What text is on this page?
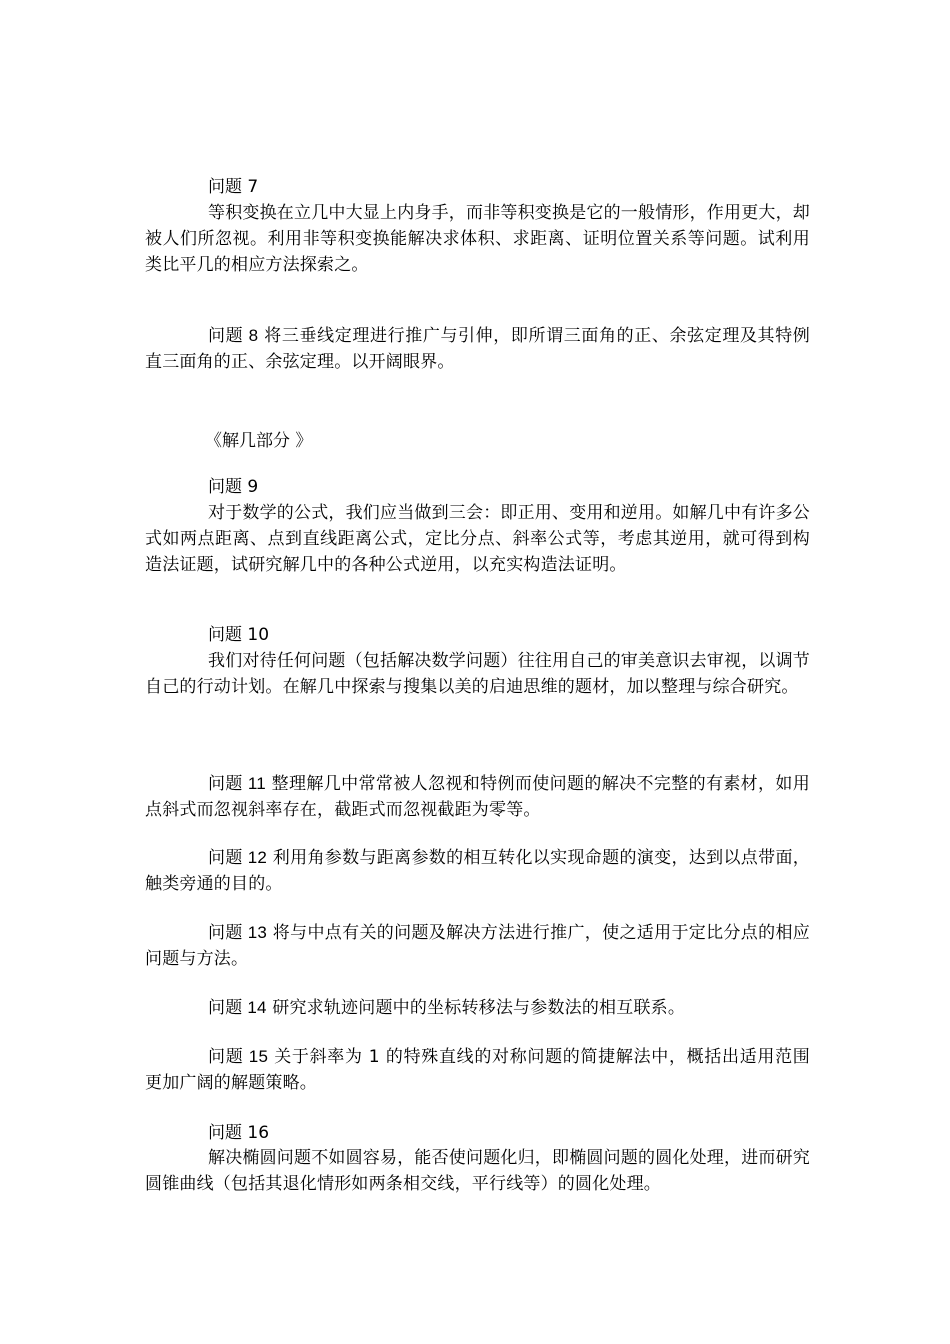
问题 7

等积变换在立几中大显上内身手，而非等积变换是它的一般情形，作用更大，却被人们所忽视。利用非等积变换能解决求体积、求距离、证明位置关系等问题。试利用类比平几的相应方法探索之。

问题 8 将三垂线定理进行推广与引伸，即所谓三面角的正、余弦定理及其特例直三面角的正、余弦定理。以开阔眼界。

《解几部分 》

问题 9

对于数学的公式，我们应当做到三会：即正用、变用和逆用。如解几中有许多公式如两点距离、点到直线距离公式，定比分点、斜率公式等，考虑其逆用，就可得到构造法证题，试研究解几中的各种公式逆用，以充实构造法证明。

问题 10

我们对待任何问题（包括解决数学问题）往往用自己的审美意识去审视，以调节自己的行动计划。在解几中探索与搜集以美的启迪思维的题材，加以整理与综合研究。

问题 11 整理解几中常常被人忽视和特例而使问题的解决不完整的有素材，如用点斜式而忽视斜率存在，截距式而忽视截距为零等。

问题 12 利用角参数与距离参数的相互转化以实现命题的演变，达到以点带面，触类旁通的目的。

问题 13 将与中点有关的问题及解决方法进行推广，使之适用于定比分点的相应问题与方法。

问题 14 研究求轨迹问题中的坐标转移法与参数法的相互联系。

问题 15 关于斜率为 1 的特殊直线的对称问题的简捷解法中，概括出适用范围更加广阔的解题策略。

问题 16

解决椭圆问题不如圆容易，能否使问题化归，即椭圆问题的圆化处理，进而研究圆锥曲线（包括其退化情形如两条相交线，平行线等）的圆化处理。
